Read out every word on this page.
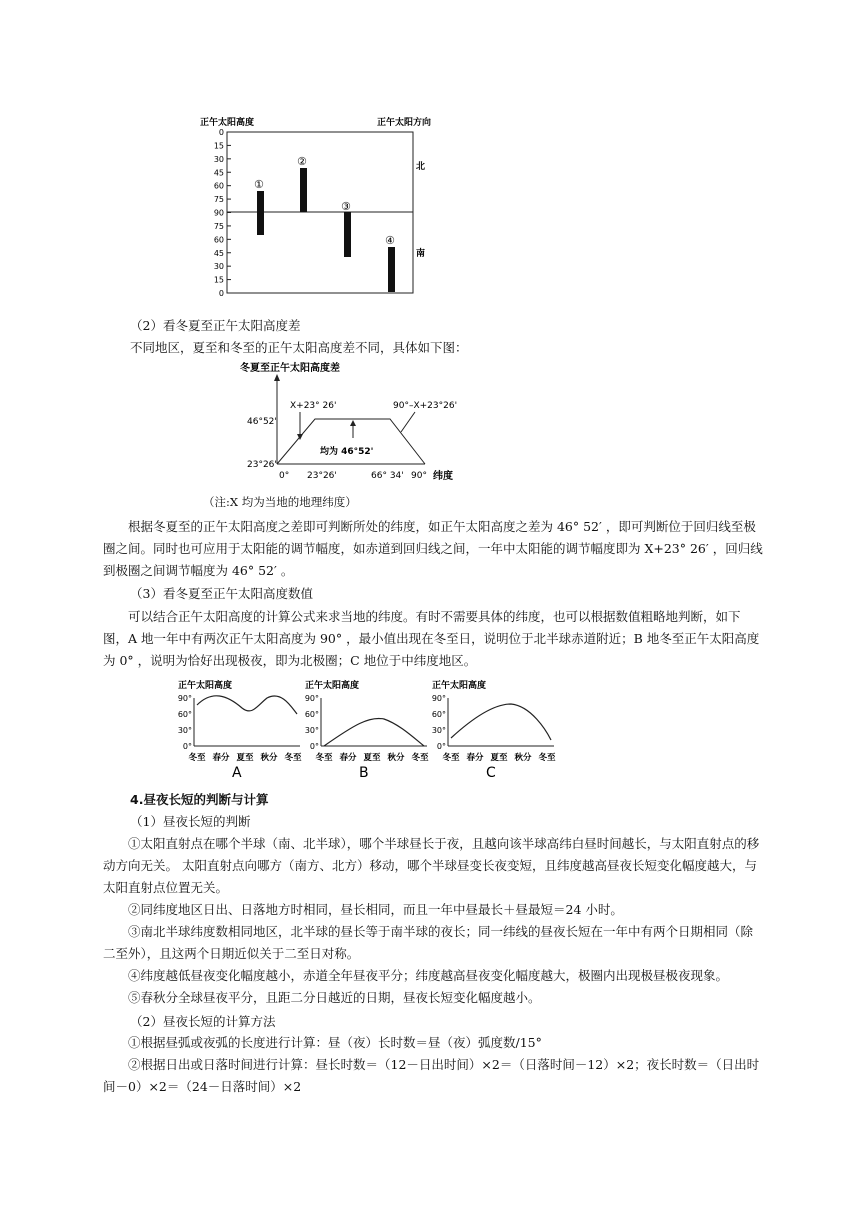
正午太阳高度	正午太阳方向
0
15
30
45
60
75
90
75
60
45
30
15
0
北
南
①
②
③
④
（2）看冬夏至正午太阳高度差
不同地区，夏至和冬至的正午太阳高度差不同，具体如下图：
冬夏至正午太阳高度差
46°52'
23°26'
X+23° 26'	90°–X+23°26'
均为 46°52'
0° 23°26'	66° 34' 90° 纬度
（注:X 均为当地的地理纬度）

根据冬夏至的正午太阳高度之差即可判断所处的纬度，如正午太阳高度之差为 46° 52′ ，即可判断位于回归线至极圈之间。同时也可应用于太阳能的调节幅度，如赤道到回归线之间，一年中太阳能的调节幅度即为 X+23° 26′ ，回归线到极圈之间调节幅度为 46° 52′ 。

（3）看冬夏至正午太阳高度数值

可以结合正午太阳高度的计算公式来求当地的纬度。有时不需要具体的纬度，也可以根据数值粗略地判断，如下图，A 地一年中有两次正午太阳高度为 90° ，最小值出现在冬至日，说明位于北半球赤道附近；B 地冬至正午太阳高度为 0° ，说明为恰好出现极夜，即为北极圈；C 地位于中纬度地区。

正午太阳高度
90°
60°
30°
0°
冬至 春分 夏至 秋分 冬至
A
正午太阳高度
90°
60°
30°
0°
冬至 春分 夏至 秋分 冬至
B
正午太阳高度
90°
60°
30°
0°
冬至 春分 夏至 秋分 冬至
C
4.昼夜长短的判断与计算
（1）昼夜长短的判断

①太阳直射点在哪个半球（南、北半球），哪个半球昼长于夜，且越向该半球高纬白昼时间越长，与太阳直射点的移动方向无关。 太阳直射点向哪方（南方、北方）移动，哪个半球昼变长夜变短，且纬度越高昼夜长短变化幅度越大，与太阳直射点位置无关。

②同纬度地区日出、日落地方时相同，昼长相同，而且一年中昼最长＋昼最短＝24 小时。

③南北半球纬度数相同地区，北半球的昼长等于南半球的夜长；同一纬线的昼夜长短在一年中有两个日期相同（除二至外），且这两个日期近似关于二至日对称。

④纬度越低昼夜变化幅度越小，赤道全年昼夜平分；纬度越高昼夜变化幅度越大，极圈内出现极昼极夜现象。

⑤春秋分全球昼夜平分，且距二分日越近的日期，昼夜长短变化幅度越小。

（2）昼夜长短的计算方法

①根据昼弧或夜弧的长度进行计算：昼（夜）长时数＝昼（夜）弧度数/15°

②根据日出或日落时间进行计算：昼长时数＝（12－日出时间）×2＝（日落时间－12）×2；夜长时数＝（日出时间－0）×2＝（24－日落时间）×2
